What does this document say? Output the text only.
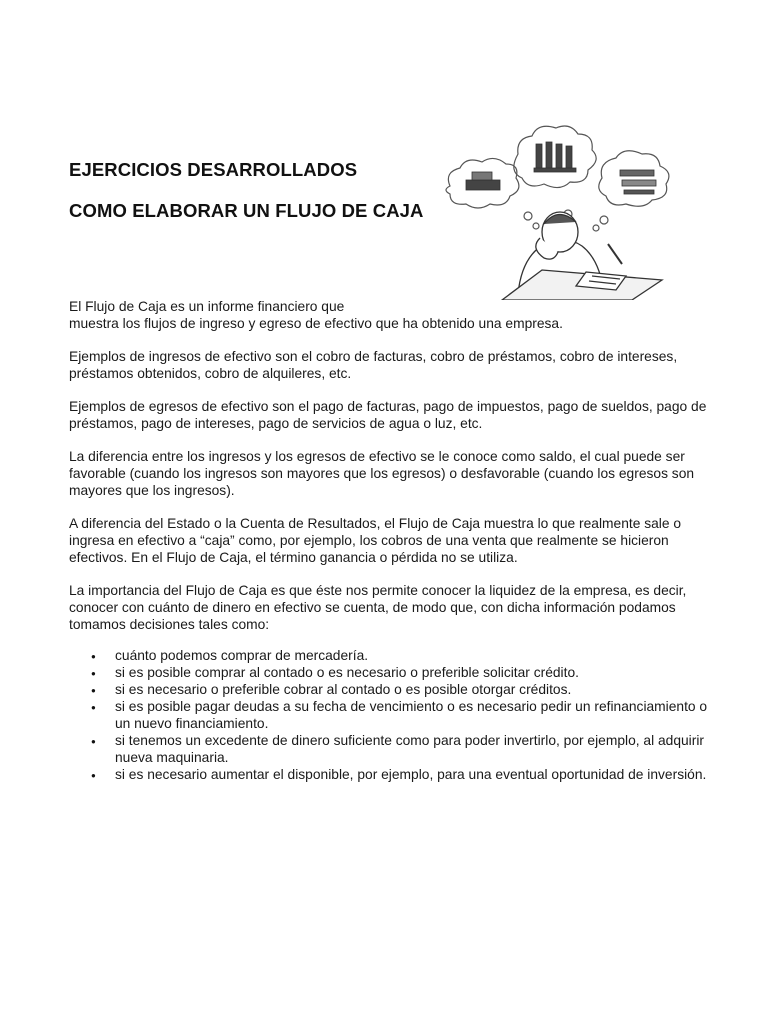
EJERCICIOS DESARROLLADOS
COMO ELABORAR UN FLUJO DE CAJA

El Flujo de Caja es un informe financiero que
muestra los flujos de ingreso y egreso de efectivo que ha obtenido una empresa.

Ejemplos de ingresos de efectivo son el cobro de facturas, cobro de préstamos, cobro de intereses, préstamos obtenidos, cobro de alquileres, etc.

Ejemplos de egresos de efectivo son el pago de facturas, pago de impuestos, pago de sueldos, pago de préstamos, pago de intereses, pago de servicios de agua o luz, etc.

La diferencia entre los ingresos y los egresos de efectivo se le conoce como saldo, el cual puede ser favorable (cuando los ingresos son mayores que los egresos) o desfavorable (cuando los egresos son mayores que los ingresos).

A diferencia del Estado o la Cuenta de Resultados, el Flujo de Caja muestra lo que realmente sale o ingresa en efectivo a “caja” como, por ejemplo, los cobros de una venta que realmente se hicieron efectivos. En el Flujo de Caja, el término ganancia o pérdida no se utiliza.

La importancia del Flujo de Caja es que éste nos permite conocer la liquidez de la empresa, es decir, conocer con cuánto de dinero en efectivo se cuenta, de modo que, con dicha información podamos tomamos decisiones tales como:

● cuánto podemos comprar de mercadería.
● si es posible comprar al contado o es necesario o preferible solicitar crédito.
● si es necesario o preferible cobrar al contado o es posible otorgar créditos.
● si es posible pagar deudas a su fecha de vencimiento o es necesario pedir un refinanciamiento o un nuevo financiamiento.
● si tenemos un excedente de dinero suficiente como para poder invertirlo, por ejemplo, al adquirir nueva maquinaria.
● si es necesario aumentar el disponible, por ejemplo, para una eventual oportunidad de inversión.
